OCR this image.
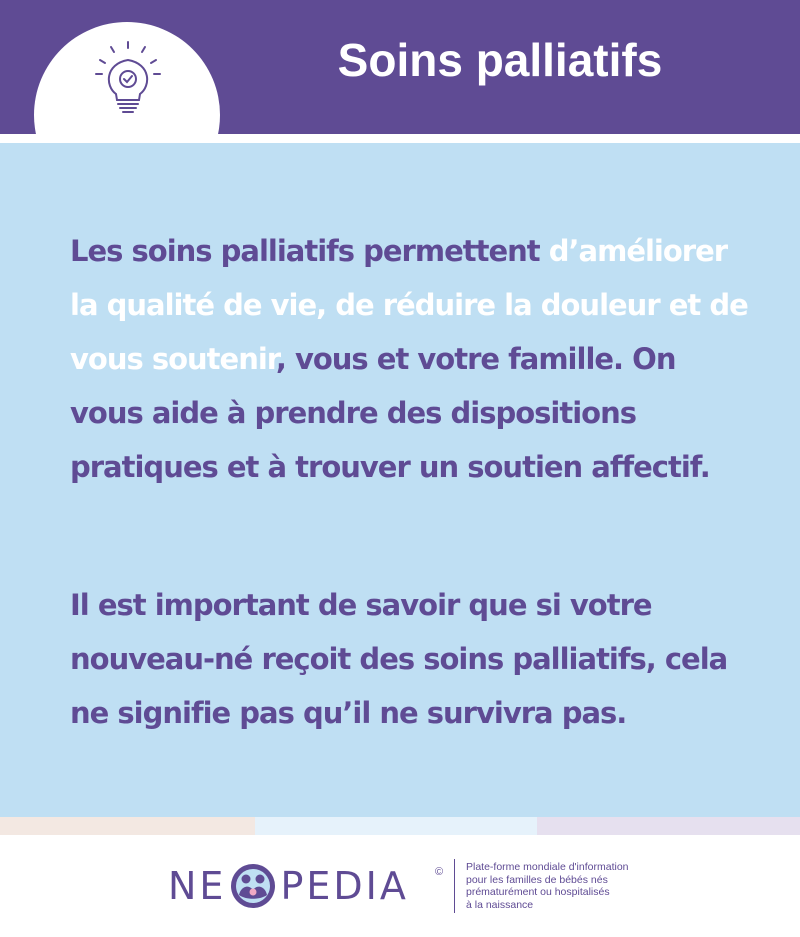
Soins palliatifs

Les soins palliatifs permettent d’améliorer la qualité de vie, de réduire la douleur et de vous soutenir, vous et votre famille. On vous aide à prendre des dispositions pratiques et à trouver un soutien affectif.

Il est important de savoir que si votre nouveau-né reçoit des soins palliatifs, cela ne signifie pas qu’il ne survivra pas.

NE PEDIA © Plate-forme mondiale d'information
pour les familles de bébés nés
prématurément ou hospitalisés
à la naissance
